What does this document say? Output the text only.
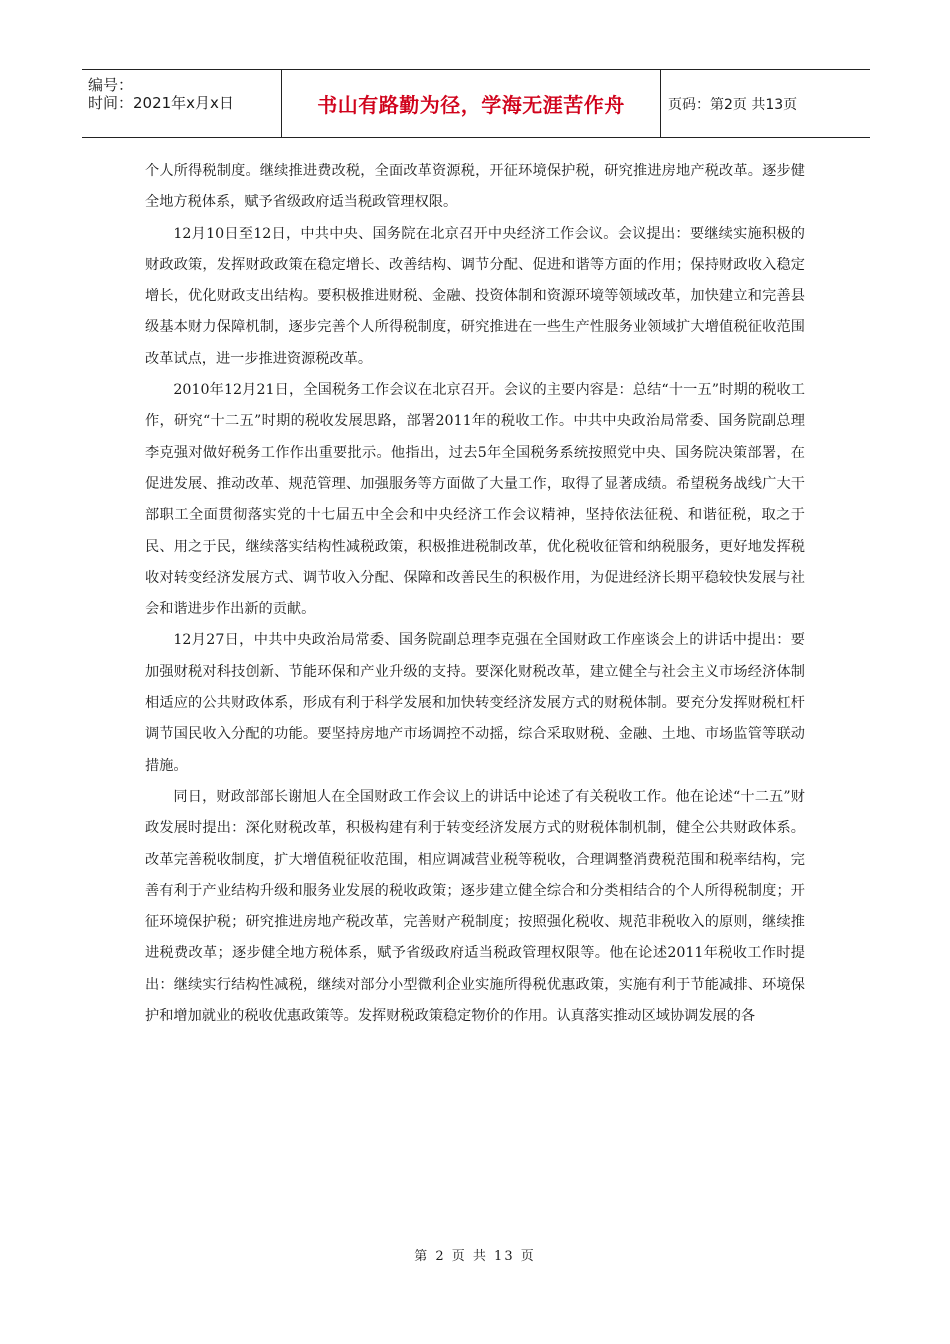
编号：
时间：2021年x月x日	书山有路勤为径，学海无涯苦作舟	页码：第2页 共13页

个人所得税制度。继续推进费改税，全面改革资源税，开征环境保护税，研究推进房地产税改革。逐步健全地方税体系，赋予省级政府适当税政管理权限。

12月10日至12日，中共中央、国务院在北京召开中央经济工作会议。会议提出：要继续实施积极的财政政策，发挥财政政策在稳定增长、改善结构、调节分配、促进和谐等方面的作用；保持财政收入稳定增长，优化财政支出结构。要积极推进财税、金融、投资体制和资源环境等领域改革，加快建立和完善县级基本财力保障机制，逐步完善个人所得税制度，研究推进在一些生产性服务业领域扩大增值税征收范围改革试点，进一步推进资源税改革。

2010年12月21日，全国税务工作会议在北京召开。会议的主要内容是：总结“十一五”时期的税收工作，研究“十二五”时期的税收发展思路，部署2011年的税收工作。中共中央政治局常委、国务院副总理李克强对做好税务工作作出重要批示。他指出，过去5年全国税务系统按照党中央、国务院决策部署，在促进发展、推动改革、规范管理、加强服务等方面做了大量工作，取得了显著成绩。希望税务战线广大干部职工全面贯彻落实党的十七届五中全会和中央经济工作会议精神，坚持依法征税、和谐征税，取之于民、用之于民，继续落实结构性减税政策，积极推进税制改革，优化税收征管和纳税服务，更好地发挥税收对转变经济发展方式、调节收入分配、保障和改善民生的积极作用，为促进经济长期平稳较快发展与社会和谐进步作出新的贡献。

12月27日，中共中央政治局常委、国务院副总理李克强在全国财政工作座谈会上的讲话中提出：要加强财税对科技创新、节能环保和产业升级的支持。要深化财税改革，建立健全与社会主义市场经济体制相适应的公共财政体系，形成有利于科学发展和加快转变经济发展方式的财税体制。要充分发挥财税杠杆调节国民收入分配的功能。要坚持房地产市场调控不动摇，综合采取财税、金融、土地、市场监管等联动措施。

同日，财政部部长谢旭人在全国财政工作会议上的讲话中论述了有关税收工作。他在论述“十二五”财政发展时提出：深化财税改革，积极构建有利于转变经济发展方式的财税体制机制，健全公共财政体系。改革完善税收制度，扩大增值税征收范围，相应调减营业税等税收，合理调整消费税范围和税率结构，完善有利于产业结构升级和服务业发展的税收政策；逐步建立健全综合和分类相结合的个人所得税制度；开征环境保护税；研究推进房地产税改革，完善财产税制度；按照强化税收、规范非税收入的原则，继续推进税费改革；逐步健全地方税体系，赋予省级政府适当税政管理权限等。他在论述2011年税收工作时提出：继续实行结构性减税，继续对部分小型微利企业实施所得税优惠政策，实施有利于节能减排、环境保护和增加就业的税收优惠政策等。发挥财税政策稳定物价的作用。认真落实推动区域协调发展的各

第 2 页 共 13 页
